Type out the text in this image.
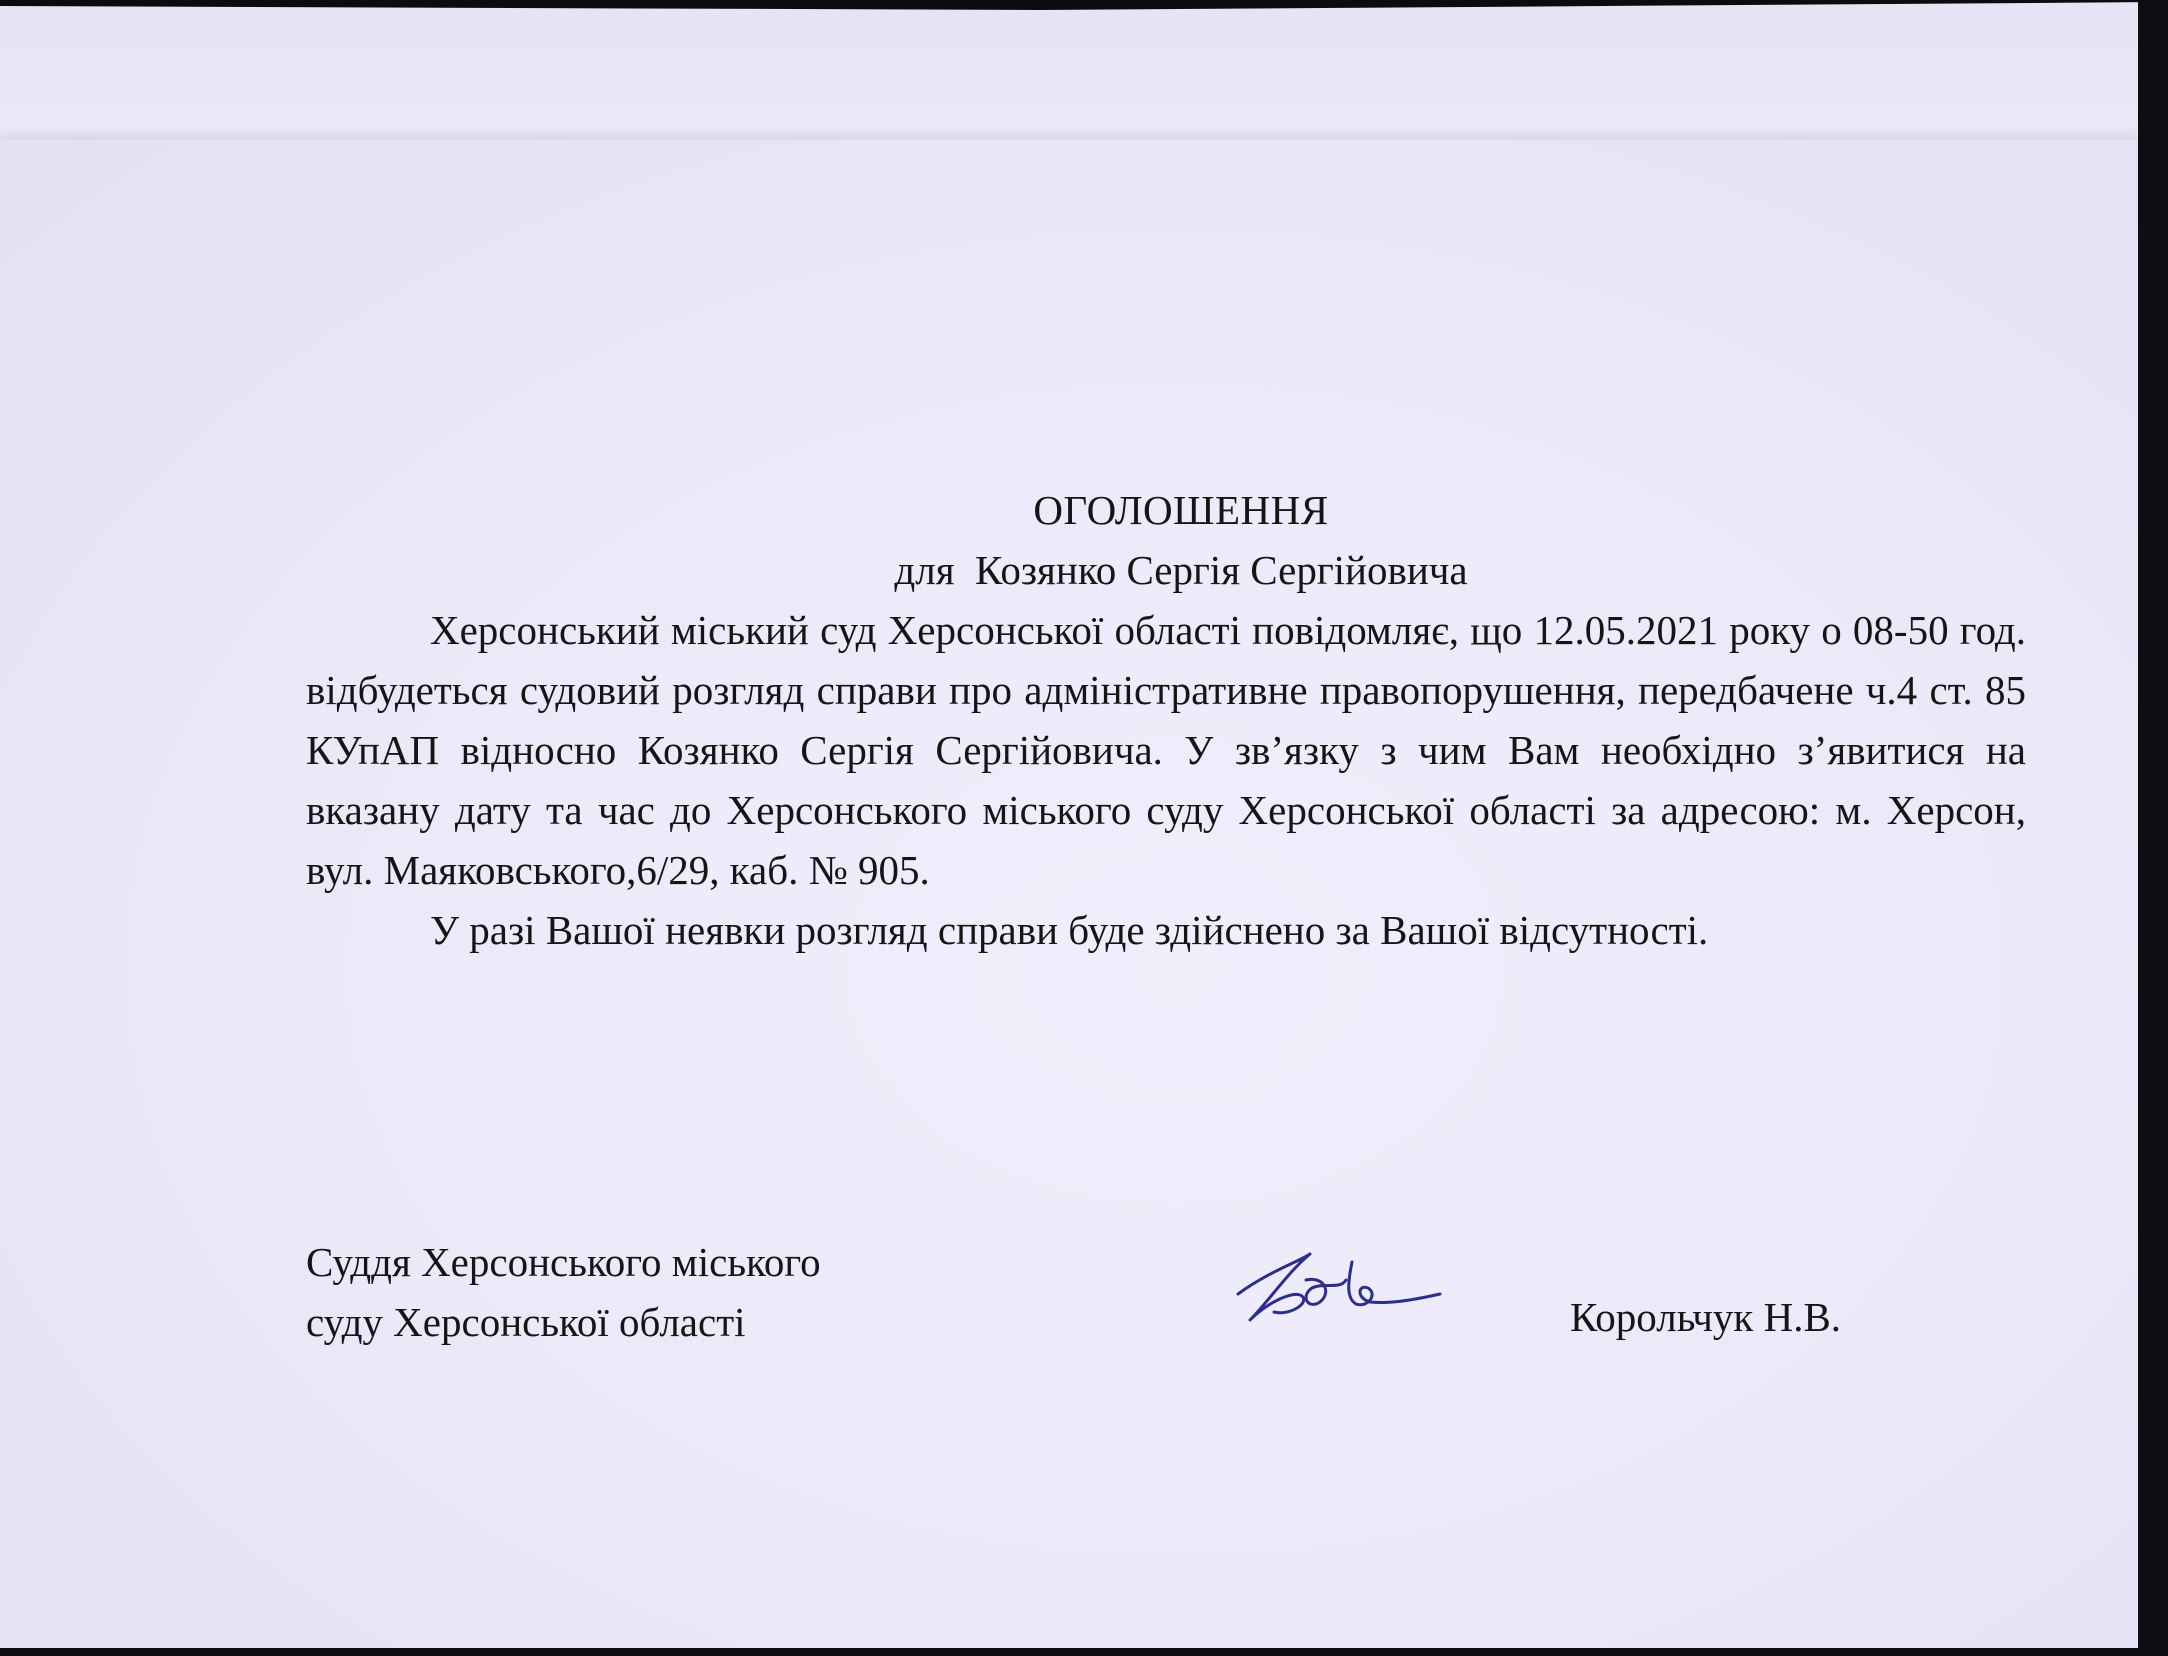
ОГОЛОШЕННЯ
для  Козянко Сергія Сергійовича

Херсонський міський суд Херсонської області повідомляє, що 12.05.2021 року о 08-50 год. відбудеться судовий розгляд справи про адміністративне правопорушення, передбачене ч.4 ст. 85 КУпАП відносно Козянко Сергія Сергійовича. У зв’язку з чим Вам необхідно з’явитися на вказану дату та час до Херсонського міського суду Херсонської області за адресою: м. Херсон, вул. Маяковського,6/29, каб. № 905.

У разі Вашої неявки розгляд справи буде здійснено за Вашої відсутності.

Суддя Херсонського міського
суду Херсонської області	Корольчук Н.В.
